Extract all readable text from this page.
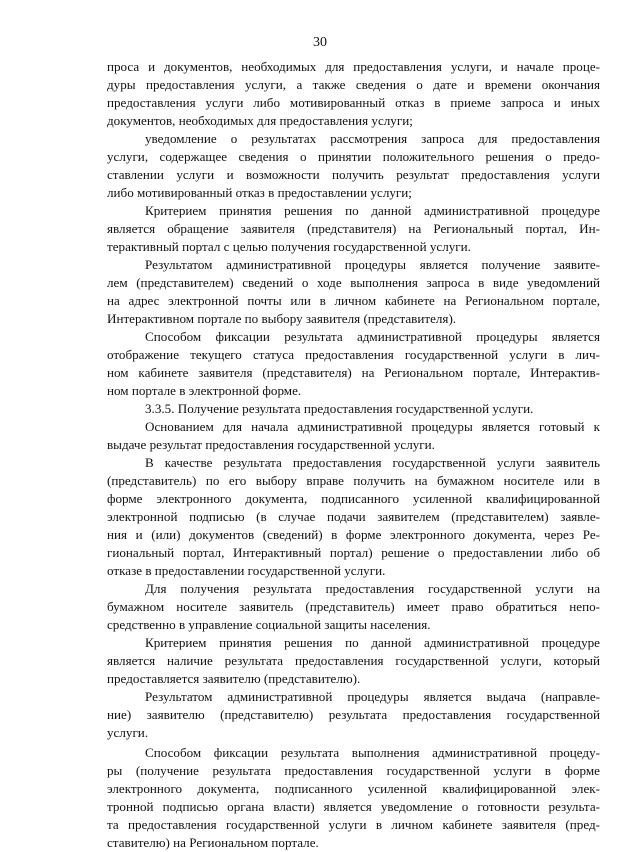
30

проса и документов, необходимых для предоставления услуги, и начале проце-
дуры предоставления услуги, а также сведения о дате и времени окончания
предоставления услуги либо мотивированный отказ в приеме запроса и иных
документов, необходимых для предоставления услуги;

уведомление о результатах рассмотрения запроса для предоставления
услуги, содержащее сведения о принятии положительного решения о предо-
ставлении услуги и возможности получить результат предоставления услуги
либо мотивированный отказ в предоставлении услуги;

Критерием принятия решения по данной административной процедуре
является обращение заявителя (представителя) на Региональный портал, Ин-
терактивный портал с целью получения государственной услуги.

Результатом административной процедуры является получение заявите-
лем (представителем) сведений о ходе выполнения запроса в виде уведомлений
на адрес электронной почты или в личном кабинете на Региональном портале,
Интерактивном портале по выбору заявителя (представителя).

Способом фиксации результата административной процедуры является
отображение текущего статуса предоставления государственной услуги в лич-
ном кабинете заявителя (представителя) на Региональном портале, Интерактив-
ном портале в электронной форме.

3.3.5. Получение результата предоставления государственной услуги.

Основанием для начала административной процедуры является готовый к
выдаче результат предоставления государственной услуги.

В качестве результата предоставления государственной услуги заявитель
(представитель) по его выбору вправе получить на бумажном носителе или в
форме электронного документа, подписанного усиленной квалифицированной
электронной подписью (в случае подачи заявителем (представителем) заявле-
ния и (или) документов (сведений) в форме электронного документа, через Ре-
гиональный портал, Интерактивный портал) решение о предоставлении либо об
отказе в предоставлении государственной услуги.

Для получения результата предоставления государственной услуги на
бумажном носителе заявитель (представитель) имеет право обратиться непо-
средственно в управление социальной защиты населения.

Критерием принятия решения по данной административной процедуре
является наличие результата предоставления государственной услуги, который
предоставляется заявителю (представителю).

Результатом административной процедуры является выдача (направле-
ние) заявителю (представителю) результата предоставления государственной
услуги.

Способом фиксации результата выполнения административной процеду-
ры (получение результата предоставления государственной услуги в форме
электронного документа, подписанного усиленной квалифицированной элек-
тронной подписью органа власти) является уведомление о готовности результа-
та предоставления государственной услуги в личном кабинете заявителя (пред-
ставителю) на Региональном портале.
